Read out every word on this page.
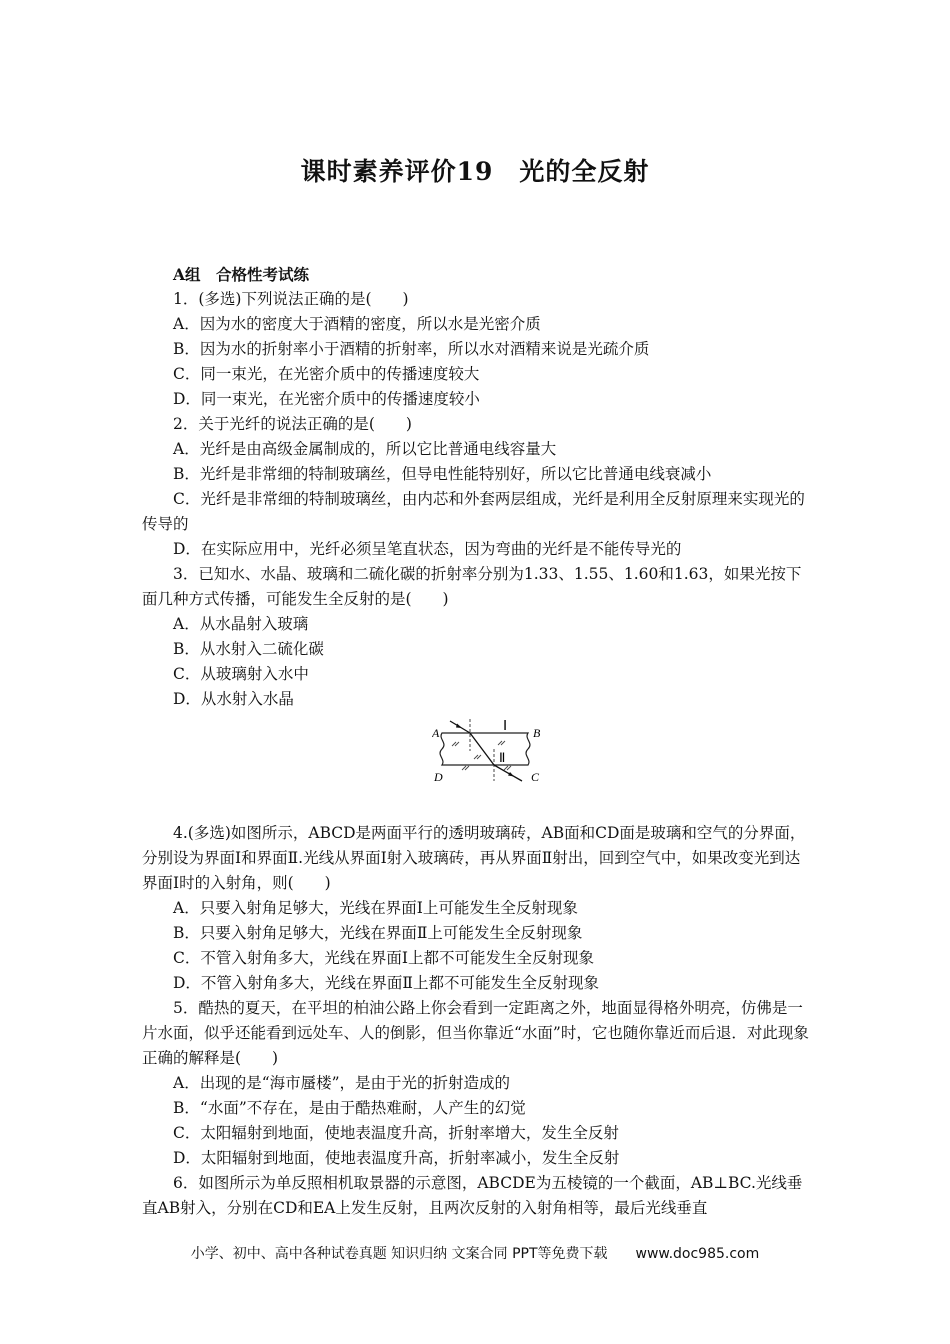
课时素养评价19　光的全反射

A组　合格性考试练

1．(多选)下列说法正确的是(　　)

A．因为水的密度大于酒精的密度，所以水是光密介质

B．因为水的折射率小于酒精的折射率，所以水对酒精来说是光疏介质

C．同一束光，在光密介质中的传播速度较大

D．同一束光，在光密介质中的传播速度较小

2．关于光纤的说法正确的是(　　)

A．光纤是由高级金属制成的，所以它比普通电线容量大

B．光纤是非常细的特制玻璃丝，但导电性能特别好，所以它比普通电线衰减小

C．光纤是非常细的特制玻璃丝，由内芯和外套两层组成，光纤是利用全反射原理来实现光的传导的

D．在实际应用中，光纤必须呈笔直状态，因为弯曲的光纤是不能传导光的

3．已知水、水晶、玻璃和二硫化碳的折射率分别为1.33、1.55、1.60和1.63，如果光按下面几种方式传播，可能发生全反射的是(　　)

A．从水晶射入玻璃

B．从水射入二硫化碳

C．从玻璃射入水中

D．从水射入水晶

A	B
C
D
Ⅰ
Ⅱ

4.(多选)如图所示，ABCD是两面平行的透明玻璃砖，AB面和CD面是玻璃和空气的分界面，分别设为界面Ⅰ和界面Ⅱ.光线从界面Ⅰ射入玻璃砖，再从界面Ⅱ射出，回到空气中，如果改变光到达界面Ⅰ时的入射角，则(　　)

A．只要入射角足够大，光线在界面Ⅰ上可能发生全反射现象

B．只要入射角足够大，光线在界面Ⅱ上可能发生全反射现象

C．不管入射角多大，光线在界面Ⅰ上都不可能发生全反射现象

D．不管入射角多大，光线在界面Ⅱ上都不可能发生全反射现象

5．酷热的夏天，在平坦的柏油公路上你会看到一定距离之外，地面显得格外明亮，仿佛是一片水面，似乎还能看到远处车、人的倒影，但当你靠近“水面”时，它也随你靠近而后退．对此现象正确的解释是(　　)

A．出现的是“海市蜃楼”，是由于光的折射造成的

B．“水面”不存在，是由于酷热难耐，人产生的幻觉

C．太阳辐射到地面，使地表温度升高，折射率增大，发生全反射

D．太阳辐射到地面，使地表温度升高，折射率减小，发生全反射

6．如图所示为单反照相机取景器的示意图，ABCDE为五棱镜的一个截面，AB⊥BC.光线垂直AB射入，分别在CD和EA上发生反射，且两次反射的入射角相等，最后光线垂直

小学、初中、高中各种试卷真题 知识归纳 文案合同 PPT等免费下载 www.doc985.com
